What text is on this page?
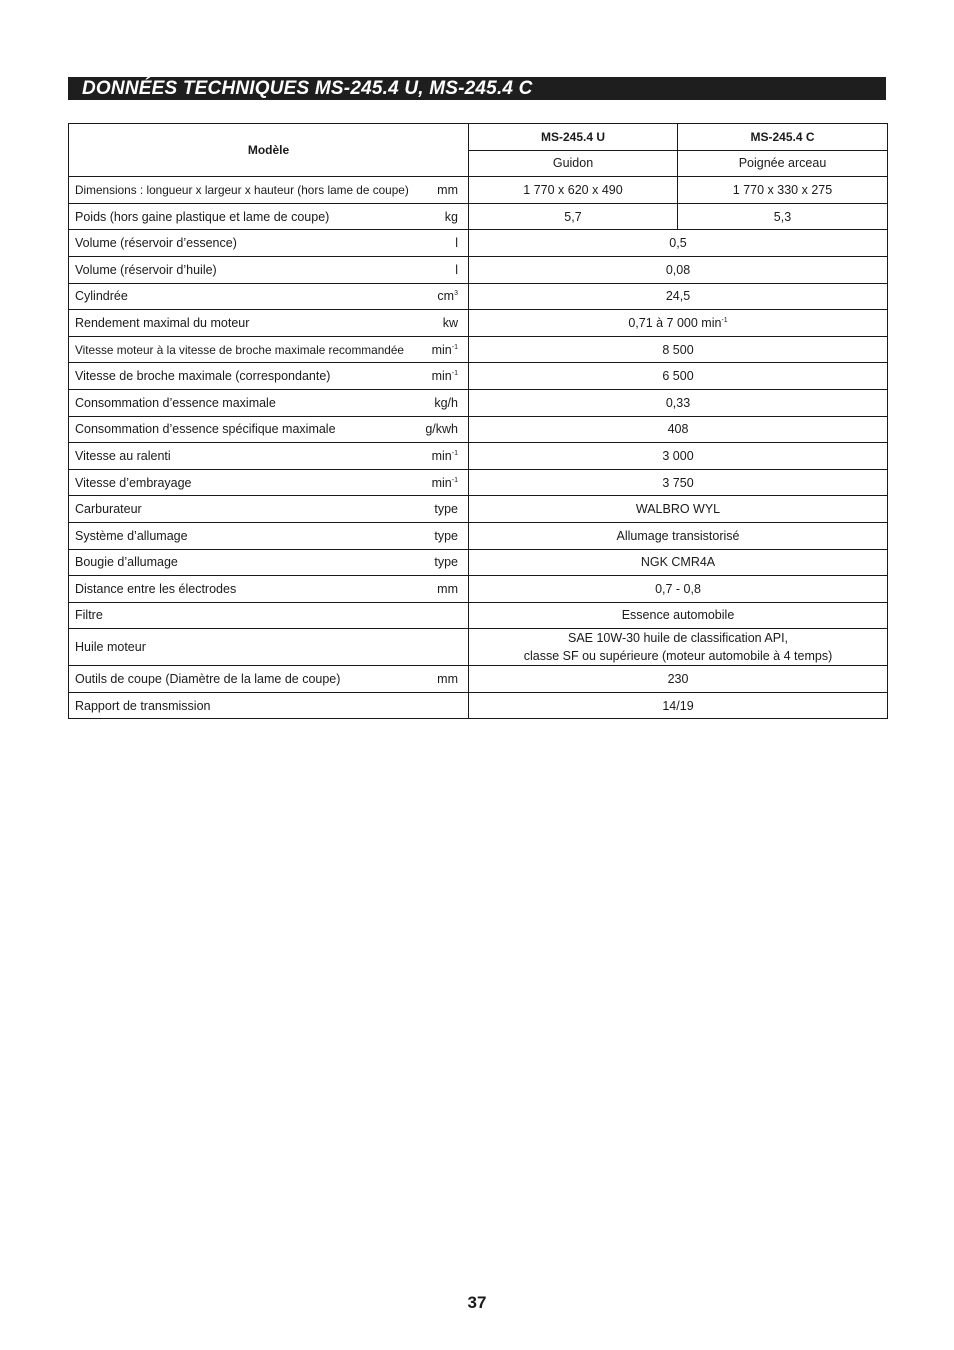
DONNÉES TECHNIQUES MS-245.4 U, MS-245.4 C
Modèle	MS-245.4 U	MS-245.4 C
	Guidon	Poignée arceau

Dimensions : longueur x largeur x hauteur (hors lame de coupe) mm	1 770 x 620 x 490	1 770 x 330 x 275

Poids (hors gaine plastique et lame de coupe) kg	5,7	5,3

Volume (réservoir d’essence) l	0,5	

Volume (réservoir d’huile) l	0,08	

Cylindrée $cm^3$	24,5	

Rendement maximal du moteur kw	0,71 à 7 000 $\min^{-1}$

Vitesse moteur à la vitesse de broche maximale recommandée $\min^{-1}$	8 500	

Vitesse de broche maximale (correspondante) $\min^{-1}$	6 500	

Consommation d’essence maximale kg/h	0,33	

Consommation d’essence spécifique maximale g/kwh	408	

Vitesse au ralenti $\min^{-1}$	3 000	

Vitesse d’embrayage $\min^{-1}$	3 750	

Carburateur type	WALBRO WYL	

Système d’allumage type	Allumage transistorisé	

Bougie d’allumage type	NGK CMR4A	

Distance entre les électrodes mm	0,7 - 0,8	

Filtre	Essence automobile	

Huile moteur	SAE 10W-30 huile de classification API,
classe SF ou supérieure (moteur automobile à 4 temps)	

Outils de coupe (Diamètre de la lame de coupe) mm	230	

Rapport de transmission	14/19	
37
